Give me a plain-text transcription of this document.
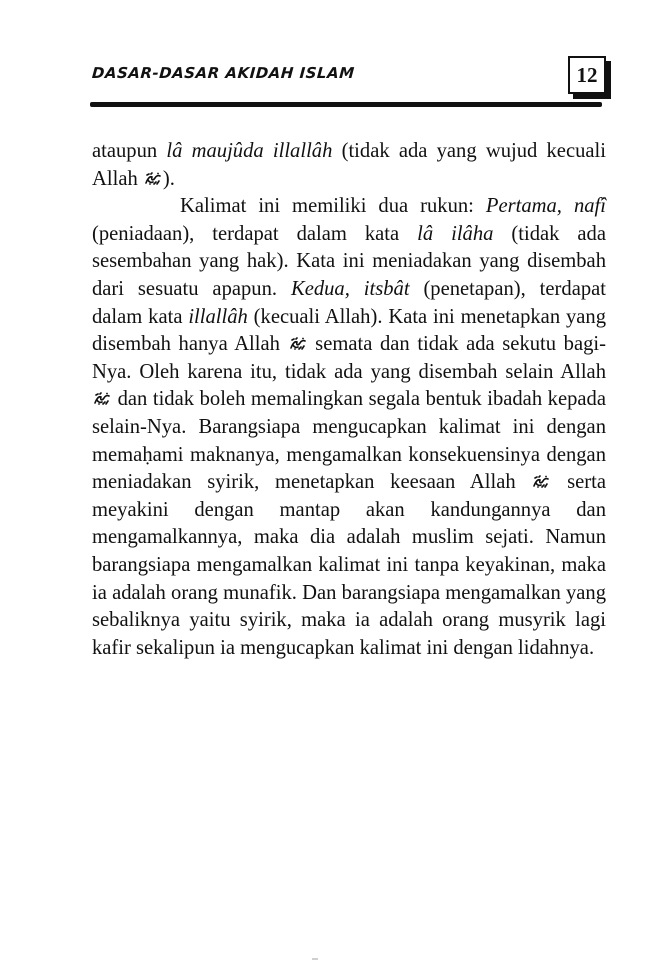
DASAR-DASAR AKIDAH ISLAM	12

ataupun lâ maujûda illallâh (tidak ada yang wujud kecuali Allah
).

Kalimat ini memiliki dua rukun: Pertama, nafî (peniadaan), terdapat dalam kata lâ ilâha (tidak ada sesembahan yang hak). Kata ini meniadakan yang disembah dari sesuatu apapun. Kedua, itsbât (penetapan), terdapat dalam kata illallâh (kecuali Allah). Kata ini menetapkan yang disembah hanya Allah
semata dan tidak ada sekutu bagi-Nya. Oleh karena itu, tidak ada yang disembah selain Allah
dan tidak boleh memalingkan segala bentuk ibadah kepada selain-Nya. Barangsiapa mengucapkan kalimat ini dengan memaḥami maknanya, mengamalkan konsekuensinya dengan meniadakan syirik, menetapkan keesaan Allah
serta meyakini dengan mantap akan kandungannya dan mengamalkannya, maka dia adalah muslim sejati. Namun barangsiapa mengamalkan kalimat ini tanpa keyakinan, maka ia adalah orang munafik. Dan barangsiapa mengamalkan yang sebaliknya yaitu syirik, maka ia adalah orang musyrik lagi kafir sekalipun ia mengucapkan kalimat ini dengan lidahnya.
